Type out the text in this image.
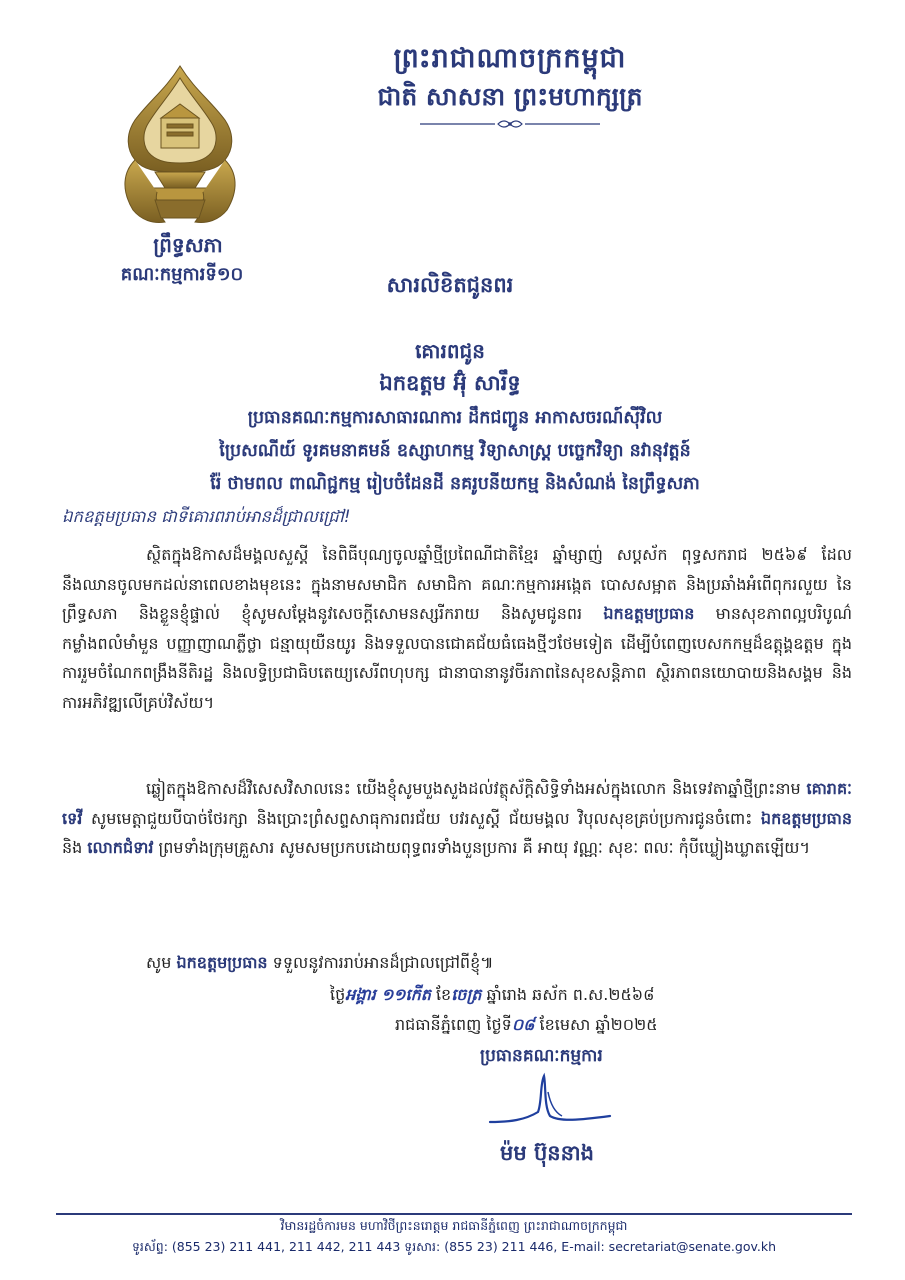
ព្រះរាជាណាចក្រកម្ពុជា
ជាតិ សាសនា ព្រះមហាក្សត្រ
ព្រឹទ្ធសភា
គណៈកម្មការទី១០	សារលិខិតជូនពរ
គោរពជូន
ឯកឧត្តម អ៊ុំ សារឹទ្ធ
ប្រធានគណៈកម្មការសាធារណការ ដឹកជញ្ជូន អាកាសចរណ៍ស៊ីវិល
ប្រៃសណីយ៍ ទូរគមនាគមន៍ ឧស្សាហកម្ម វិទ្យាសាស្ត្រ បច្ចេកវិទ្យា នវានុវត្តន៍
រ៉ែ ថាមពល ពាណិជ្ជកម្ម រៀបចំដែនដី នគរូបនីយកម្ម និងសំណង់ នៃព្រឹទ្ធសភា
ឯកឧត្តមប្រធាន ជាទីគោរពរាប់អានដ៏ជ្រាលជ្រៅ!
ស្ថិតក្នុងឱកាសដ៏មង្គលសួស្តី នៃពិធីបុណ្យចូលឆ្នាំថ្មីប្រពៃណីជាតិខ្មែរ ឆ្នាំម្សាញ់ សប្តស័ក ពុទ្ធសករាជ ២៥៦៩ ដែលនឹងឈានចូលមកដល់នាពេលខាងមុខនេះ ក្នុងនាមសមាជិក សមាជិកា គណៈកម្មការអង្កេត បោសសម្អាត និងប្រឆាំងអំពើពុករលួយ នៃព្រឹទ្ធសភា និងខ្លួនខ្ញុំផ្ទាល់ ខ្ញុំសូមសម្តែងនូវសេចក្តីសោមនស្សរីករាយ និងសូមជូនពរ ឯកឧត្តមប្រធាន មានសុខភាពល្អបរិបូណ៌ កម្លាំងពលំមាំមួន បញ្ញាញាណភ្លឺថ្លា ជន្មាយុយឺនយូរ និងទទួលបានជោគជ័យធំធេងថ្មីៗថែមទៀត ដើម្បីបំពេញបេសកកម្មដ៏ឧត្តុង្គឧត្តម ក្នុងការរួមចំណែកពង្រឹងនីតិរដ្ឋ និងលទ្ធិប្រជាធិបតេយ្យសេរីពហុបក្ស ជានាបានានូវចីរភាពនៃសុខសន្តិភាព ស្ថិរភាពនយោបាយនិងសង្គម និងការអភិវឌ្ឍលើគ្រប់វិស័យ។
ឆ្លៀតក្នុងឱកាសដ៏វិសេសវិសាលនេះ យើងខ្ញុំសូមបួងសួងដល់វត្ថុស័ក្តិសិទ្ធិទាំងអស់ក្នុងលោក និងទេវតាឆ្នាំថ្មីព្រះនាម គោរាគៈទេវី សូមមេត្តាជួយបីបាច់ថែរក្សា និងប្រោះព្រំសព្ទសាធុការពរជ័យ បវរសួស្តី ជ័យមង្គល វិបុលសុខគ្រប់ប្រការជូនចំពោះ ឯកឧត្តមប្រធាន និង លោកជំទាវ ព្រមទាំងក្រុមគ្រួសារ សូមសមប្រកបដោយពុទ្ធពរទាំងបួនប្រការ គឺ អាយុ វណ្ណៈ សុខៈ ពលៈ កុំបីឃ្លៀងឃ្លាតឡើយ។
សូម ឯកឧត្តមប្រធាន ទទួលនូវការរាប់អានដ៏ជ្រាលជ្រៅពីខ្ញុំ៕
ថ្ងៃអង្គារ ១១កើត ខែចេត្រ ឆ្នាំរោង ឆស័ក ព.ស.២៥៦៨
រាជធានីភ្នំពេញ ថ្ងៃទី០៨ ខែមេសា ឆ្នាំ២០២៥
ប្រធានគណៈកម្មការ
ម៉ម ប៊ុននាង
វិមានរដ្ឋចំការមន មហាវិថីព្រះនរោត្តម រាជធានីភ្នំពេញ ព្រះរាជាណាចក្រកម្ពុជា
ទូរស័ព្ទ: (855 23) 211 441, 211 442, 211 443 ទូរសារ: (855 23) 211 446, E-mail: secretariat@senate.gov.kh
